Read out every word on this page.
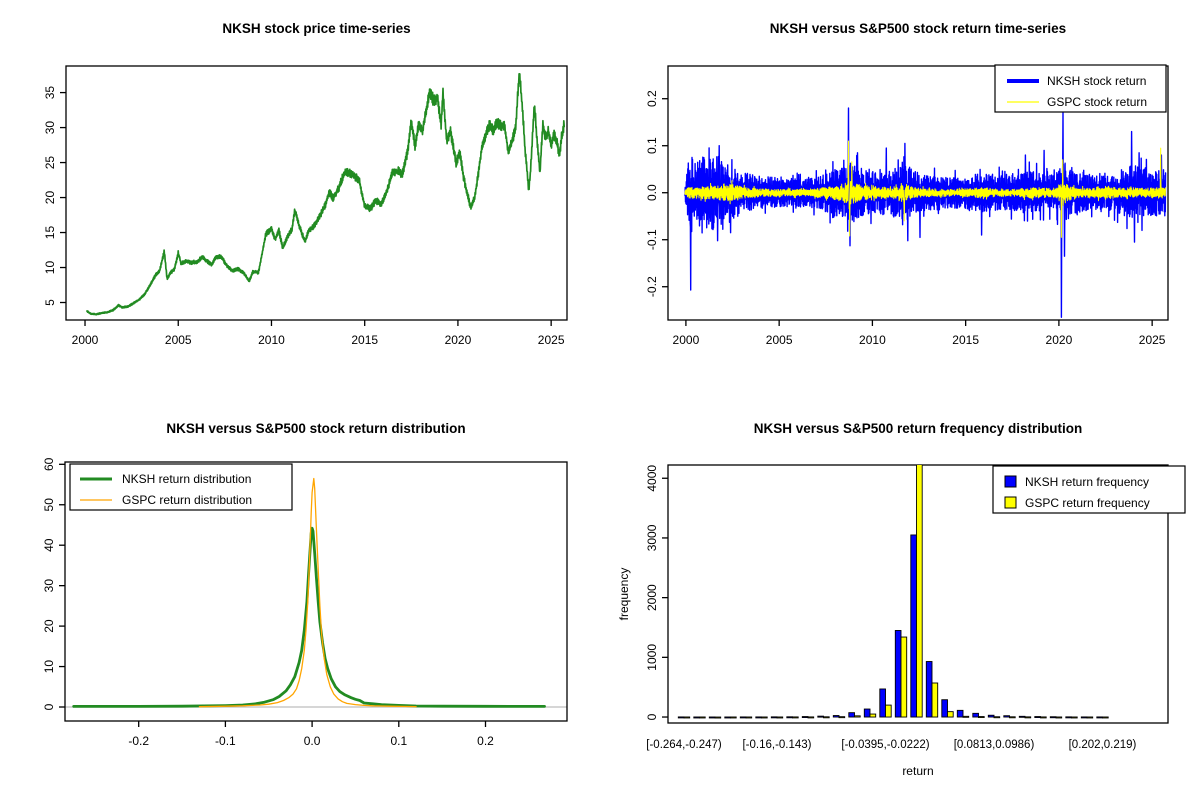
2000	2005	2010	2015	2020	2025
5
10
15
20
25
30
35
NKSH stock price time-series
2000	2005	2010	2015	2020	2025
-0.2
-0.1
0.0
0.1
0.2
NKSH versus S&P500 stock return time-series
NKSH stock return
GSPC stock return
-0.2	-0.1	0.0	0.1	0.2
0
10
20
30
40
50
60
NKSH versus S&P500 stock return distribution
NKSH return distribution
GSPC return distribution
0
1000
2000
3000
4000
[-0.264,-0.247) [-0.16,-0.143)	[-0.0395,-0.0222) [0.0813,0.0986)	[0.202,0.219)
return
frequency
NKSH versus S&P500 return frequency distribution
NKSH return frequency
GSPC return frequency
